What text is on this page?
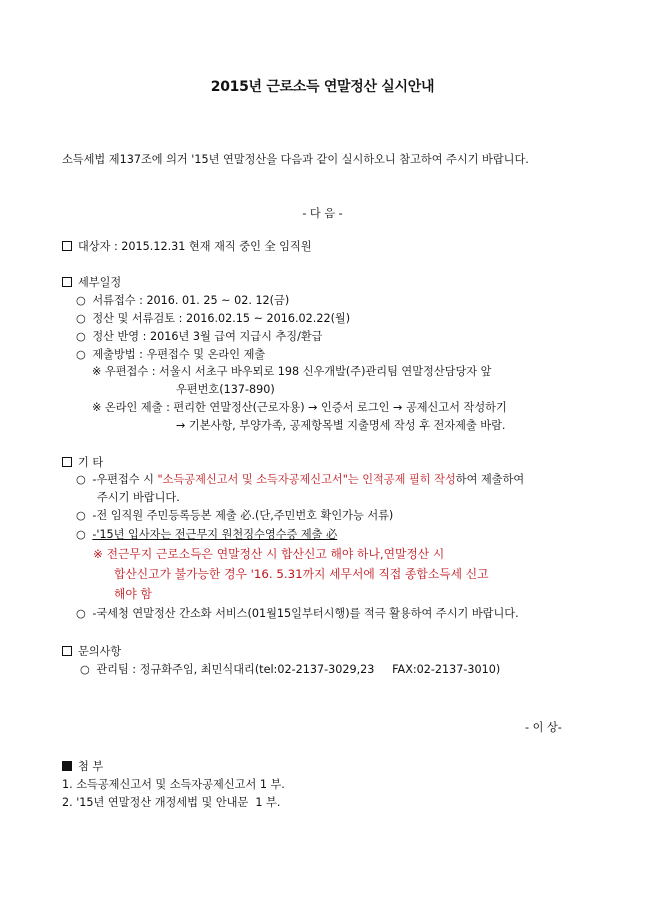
2015년 근로소득 연말정산 실시안내
소득세법 제137조에 의거 '15년 연말정산을 다음과 같이 실시하오니 참고하여 주시기 바랍니다.
- 다 음 -
대상자 : 2015.12.31 현재 재직 중인 全 임직원
세부일정
○ 서류접수 : 2016. 01. 25 ~ 02. 12(금)
○ 정산 및 서류검토 : 2016.02.15 ~ 2016.02.22(월)
○ 정산 반영 : 2016년 3월 급여 지급시 추징/환급
○ 제출방법 : 우편접수 및 온라인 제출
※ 우편접수 : 서울시 서초구 바우뫼로 198 신우개발(주)관리팀 연말정산담당자 앞
우편번호(137-890)
※ 온라인 제출 : 편리한 연말정산(근로자용) → 인증서 로그인 → 공제신고서 작성하기
→ 기본사항, 부양가족, 공제항목별 지출명세 작성 후 전자제출 바람.
기 타
○ -우편접수 시 "소득공제신고서 및 소득자공제신고서"는 인적공제 필히 작성하여 제출하여
주시기 바랍니다.
○ -전 임직원 주민등록등본 제출 必.(단,주민번호 확인가능 서류)
○ -'15년 입사자는 전근무지 원천징수영수증 제출 必
※ 전근무지 근로소득은 연말정산 시 합산신고 해야 하나,연말정산 시
합산신고가 불가능한 경우 '16. 5.31까지 세무서에 직접 종합소득세 신고
해야 함
○ -국세청 연말정산 간소화 서비스(01월15일부터시행)를 적극 활용하여 주시기 바랍니다.
문의사항
○ 관리팀 : 정규화주임, 최민식대리(tel:02-2137-3029,23     FAX:02-2137-3010)
- 이 상-
첨 부
1. 소득공제신고서 및 소득자공제신고서 1 부.
2. '15년 연말정산 개정세법 및 안내문  1 부.
